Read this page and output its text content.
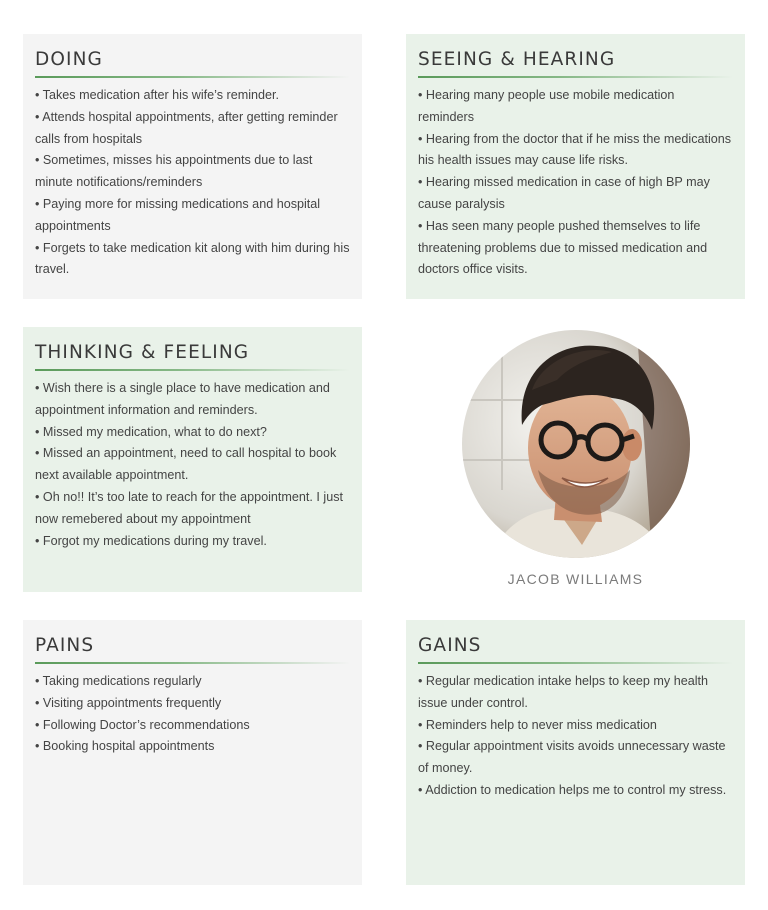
DOING
• Takes medication after his wife’s reminder.
• Attends hospital appointments, after getting reminder calls from hospitals
• Sometimes, misses his appointments due to last minute notifications/reminders
• Paying more for missing medications and hospital appointments
• Forgets to take medication kit along with him during his travel.
SEEING & HEARING
• Hearing many people use mobile medication reminders
• Hearing from the doctor that if he miss the medications his health issues may cause life risks.
• Hearing missed medication in case of high BP may cause paralysis
• Has seen many people pushed themselves to life threatening problems due to missed medication and doctors office visits.
THINKING & FEELING
• Wish there is a single place to have medication and appointment information and reminders.
• Missed my medication, what to do next?
• Missed an appointment, need to call hospital to book next available appointment.
• Oh no!! It’s too late to reach for the appointment. I just now remebered about my appointment
• Forgot my medications during my travel.
JACOB WILLIAMS
PAINS
• Taking medications regularly
• Visiting appointments frequently
• Following Doctor’s recommendations
• Booking hospital appointments
GAINS
• Regular medication intake helps to keep my health issue under control.
• Reminders help to never miss medication
• Regular appointment visits avoids unnecessary waste of money.
• Addiction to medication helps me to control my stress.
